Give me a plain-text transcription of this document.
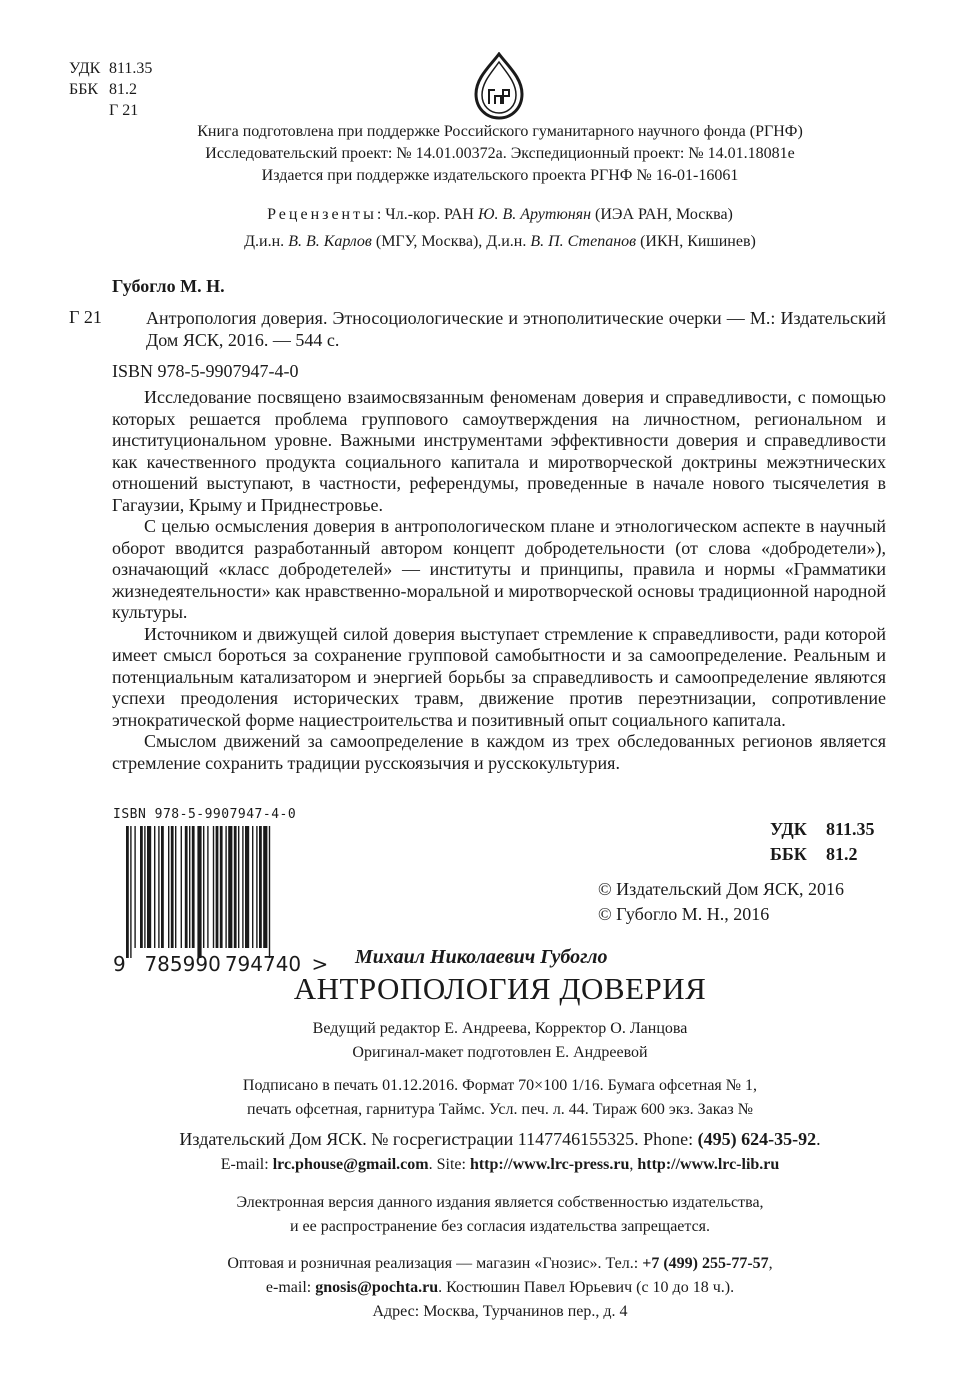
УДК 811.35
ББК 81.2
Г 21
Книга подготовлена при поддержке Российского гуманитарного научного фонда (РГНФ)
Исследовательский проект: № 14.01.00372а. Экспедиционный проект: № 14.01.18081е
Издается при поддержке издательского проекта РГНФ № 16-01-16061
Рецензенты: Чл.-кор. РАН Ю. В. Арутюнян (ИЭА РАН, Москва)
Д.и.н. В. В. Карлов (МГУ, Москва), Д.и.н. В. П. Степанов (ИКН, Кишинев)
Губогло М. Н.
Г 21 Антропология доверия. Этносоциологические и этнополитические очерки — М.: Издательский Дом ЯСК, 2016. — 544 с.
ISBN 978-5-9907947-4-0

Исследование посвящено взаимосвязанным феноменам доверия и справедливости, с помощью которых решается проблема группового самоутверждения на личностном, региональном и институциональном уровне. Важными инструментами эффективности доверия и справедливости как качественного продукта социального капитала и миротворческой доктрины межэтнических отношений выступают, в частности, референдумы, проведенные в начале нового тысячелетия в Гагаузии, Крыму и Приднестровье.

С целью осмысления доверия в антропологическом плане и этнологическом аспекте в научный оборот вводится разработанный автором концепт добродетельности (от слова «добродетели»), означающий «класс добродетелей» — институты и принципы, правила и нормы «Грамматики жизнедеятельности» как нравственно-моральной и миротворческой основы традиционной народной культуры.

Источником и движущей силой доверия выступает стремление к справедливости, ради которой имеет смысл бороться за сохранение групповой самобытности и за самоопределение. Реальным и потенциальным катализатором и энергией борьбы за справедливость и самоопределение являются успехи преодоления исторических травм, движение против переэтнизации, сопротивление этнократической форме нациестроительства и позитивный опыт социального капитала.

Смыслом движений за самоопределение в каждом из трех обследованных регионов является стремление сохранить традиции русскоязычия и русскокультурия.

ISBN 978-5-9907947-4-0
9 785990 794740 >
УДК 811.35
ББК 81.2
© Издательский Дом ЯСК, 2016
© Губогло М. Н., 2016
Михаил Николаевич Губогло
АНТРОПОЛОГИЯ ДОВЕРИЯ
Ведущий редактор Е. Андреева, Корректор О. Ланцова
Оригинал-макет подготовлен Е. Андреевой
Подписано в печать 01.12.2016. Формат 70×100 1/16. Бумага офсетная № 1,
печать офсетная, гарнитура Таймс. Усл. печ. л. 44. Тираж 600 экз. Заказ №
Издательский Дом ЯСК. № госрегистрации 1147746155325. Phone: (495) 624-35-92.
E-mail: lrc.phouse@gmail.com. Site: http://www.lrc-press.ru, http://www.lrc-lib.ru
Электронная версия данного издания является собственностью издательства,
и ее распространение без согласия издательства запрещается.
Оптовая и розничная реализация — магазин «Гнозис». Тел.: +7 (499) 255-77-57,
e-mail: gnosis@pochta.ru. Костюшин Павел Юрьевич (с 10 до 18 ч.).
Адрес: Москва, Турчанинов пер., д. 4
